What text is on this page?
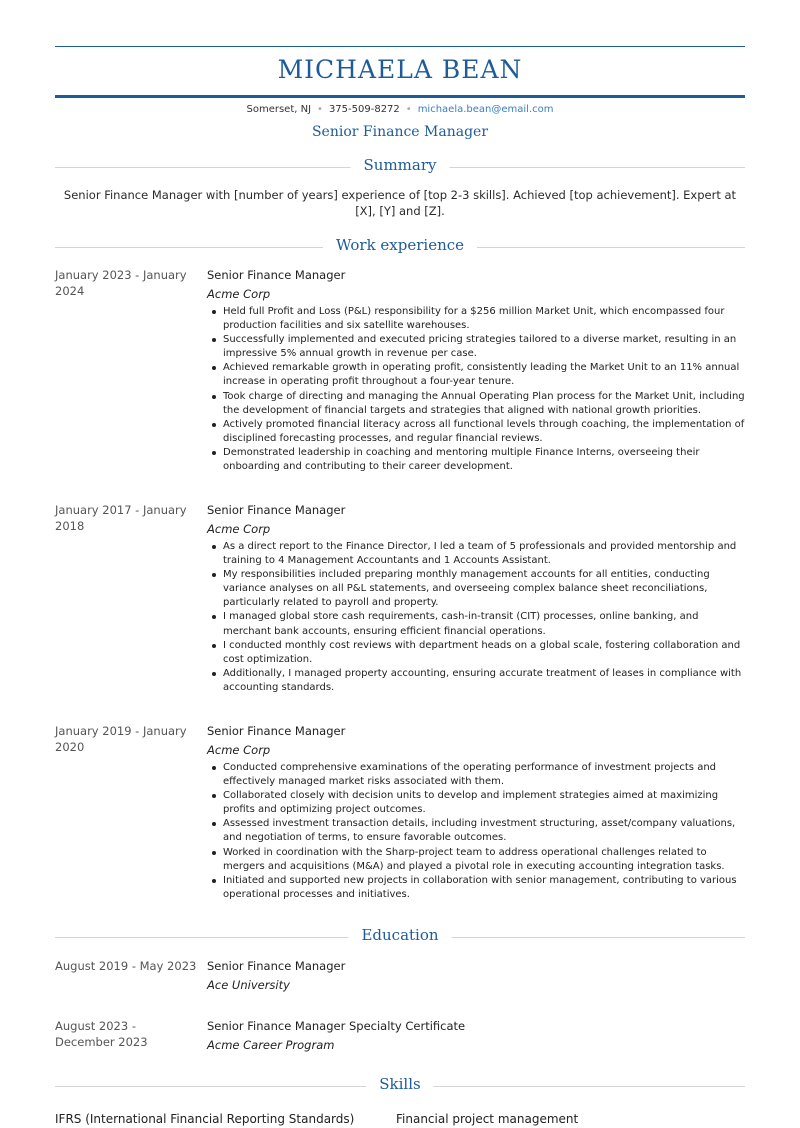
MICHAELA BEAN
Somerset, NJ • 375-509-8272 • michaela.bean@email.com
Senior Finance Manager
Summary
Senior Finance Manager with [number of years] experience of [top 2-3 skills]. Achieved [top achievement]. Expert at [X], [Y] and [Z].
Work experience
January 2023 - January 2024
Senior Finance Manager
Acme Corp
Held full Profit and Loss (P&L) responsibility for a $256 million Market Unit, which encompassed four production facilities and six satellite warehouses.
Successfully implemented and executed pricing strategies tailored to a diverse market, resulting in an impressive 5% annual growth in revenue per case.
Achieved remarkable growth in operating profit, consistently leading the Market Unit to an 11% annual increase in operating profit throughout a four-year tenure.
Took charge of directing and managing the Annual Operating Plan process for the Market Unit, including the development of financial targets and strategies that aligned with national growth priorities.
Actively promoted financial literacy across all functional levels through coaching, the implementation of disciplined forecasting processes, and regular financial reviews.
Demonstrated leadership in coaching and mentoring multiple Finance Interns, overseeing their onboarding and contributing to their career development.
January 2017 - January 2018
Senior Finance Manager
Acme Corp
As a direct report to the Finance Director, I led a team of 5 professionals and provided mentorship and training to 4 Management Accountants and 1 Accounts Assistant.
My responsibilities included preparing monthly management accounts for all entities, conducting variance analyses on all P&L statements, and overseeing complex balance sheet reconciliations, particularly related to payroll and property.
I managed global store cash requirements, cash-in-transit (CIT) processes, online banking, and merchant bank accounts, ensuring efficient financial operations.
I conducted monthly cost reviews with department heads on a global scale, fostering collaboration and cost optimization.
Additionally, I managed property accounting, ensuring accurate treatment of leases in compliance with accounting standards.
January 2019 - January 2020
Senior Finance Manager
Acme Corp
Conducted comprehensive examinations of the operating performance of investment projects and effectively managed market risks associated with them.
Collaborated closely with decision units to develop and implement strategies aimed at maximizing profits and optimizing project outcomes.
Assessed investment transaction details, including investment structuring, asset/company valuations, and negotiation of terms, to ensure favorable outcomes.
Worked in coordination with the Sharp-project team to address operational challenges related to mergers and acquisitions (M&A) and played a pivotal role in executing accounting integration tasks.
Initiated and supported new projects in collaboration with senior management, contributing to various operational processes and initiatives.
Education
August 2019 - May 2023 Senior Finance Manager
Ace University
August 2023 - December 2023
Senior Finance Manager Specialty Certificate
Acme Career Program
Skills
IFRS (International Financial Reporting Standards)	Financial project management
